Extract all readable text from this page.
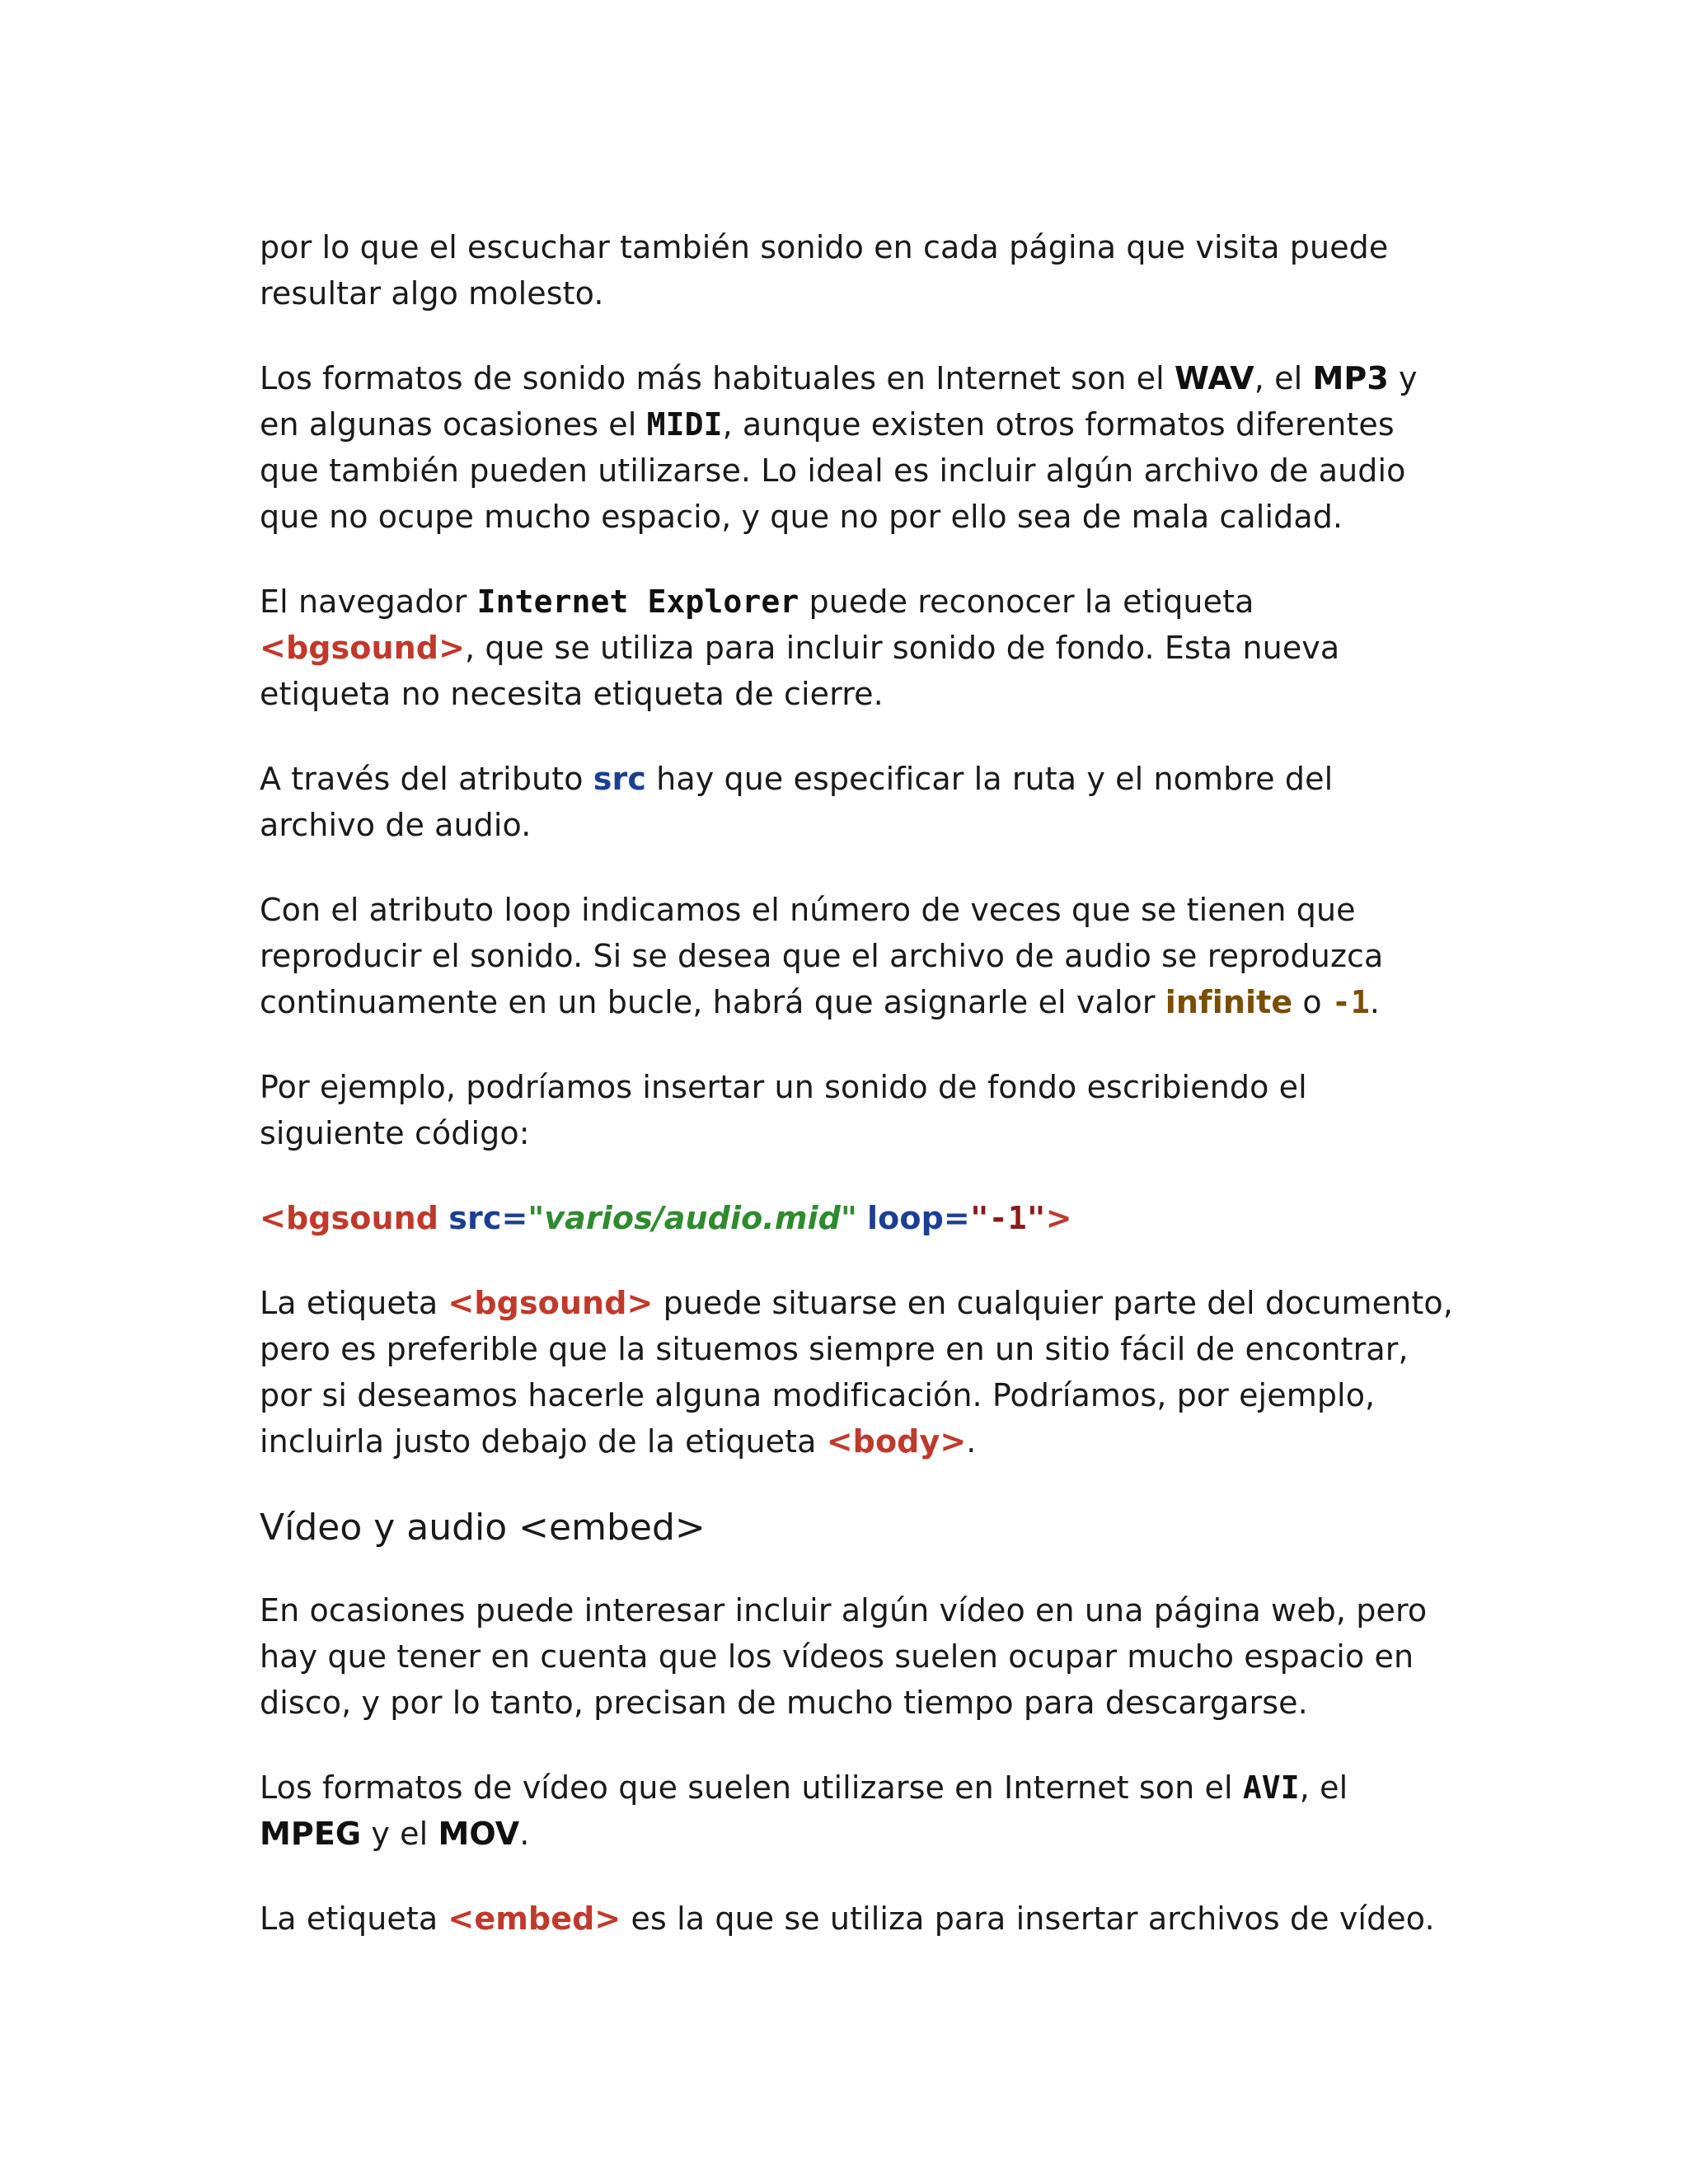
por lo que el escuchar también sonido en cada página que visita puede resultar algo molesto.

Los formatos de sonido más habituales en Internet son el WAV, el MP3 y en algunas ocasiones el MIDI, aunque existen otros formatos diferentes que también pueden utilizarse. Lo ideal es incluir algún archivo de audio que no ocupe mucho espacio, y que no por ello sea de mala calidad.

El navegador Internet Explorer puede reconocer la etiqueta <bgsound>, que se utiliza para incluir sonido de fondo. Esta nueva etiqueta no necesita etiqueta de cierre.

A través del atributo src hay que especificar la ruta y el nombre del archivo de audio.

Con el atributo loop indicamos el número de veces que se tienen que reproducir el sonido. Si se desea que el archivo de audio se reproduzca continuamente en un bucle, habrá que asignarle el valor infinite o -1.

Por ejemplo, podríamos insertar un sonido de fondo escribiendo el siguiente código:

<bgsound src="varios/audio.mid" loop="-1">

La etiqueta <bgsound> puede situarse en cualquier parte del documento, pero es preferible que la situemos siempre en un sitio fácil de encontrar, por si deseamos hacerle alguna modificación. Podríamos, por ejemplo, incluirla justo debajo de la etiqueta <body>.

Vídeo y audio <embed>

En ocasiones puede interesar incluir algún vídeo en una página web, pero hay que tener en cuenta que los vídeos suelen ocupar mucho espacio en disco, y por lo tanto, precisan de mucho tiempo para descargarse.

Los formatos de vídeo que suelen utilizarse en Internet son el AVI, el MPEG y el MOV.

La etiqueta <embed> es la que se utiliza para insertar archivos de vídeo.
